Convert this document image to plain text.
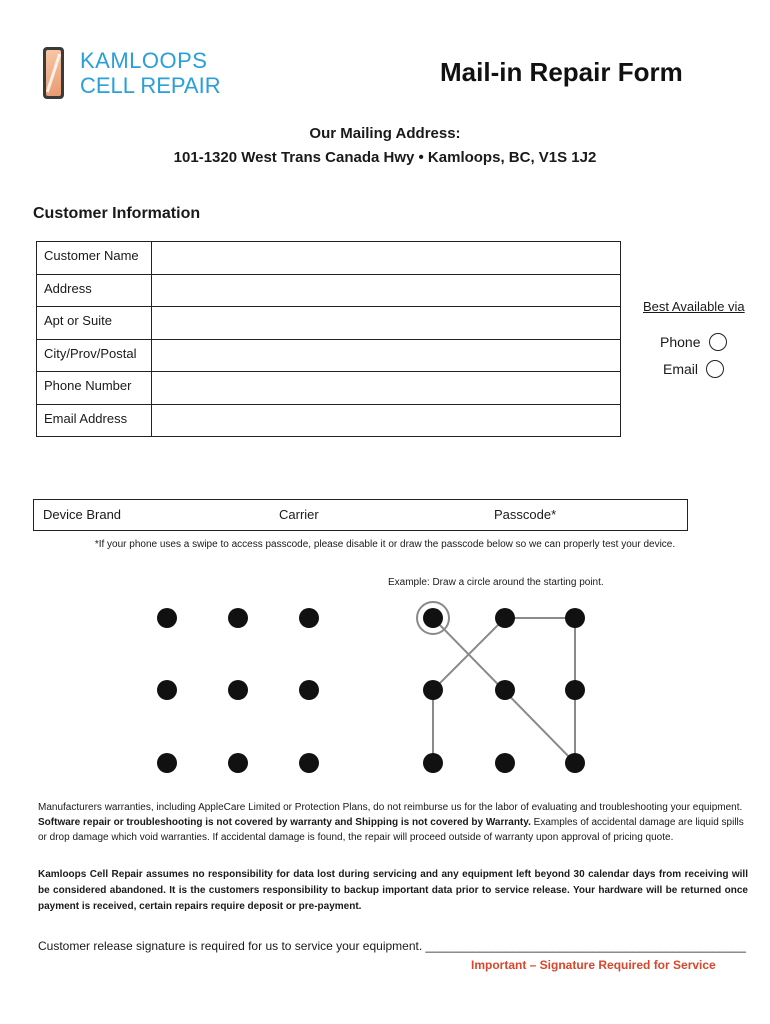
KAMLOOPS
CELL REPAIR	Mail-in Repair Form
Our Mailing Address:
101-1320 West Trans Canada Hwy • Kamloops, BC, V1S 1J2
Customer Information
Customer Name	
Address	
Apt or Suite	
City/Prov/Postal	
Phone Number	
Email Address	
Best Available via
Phone
Email
Device Brand	Carrier	Passcode*
*If your phone uses a swipe to access passcode, please disable it or draw the passcode below so we can properly test your device.
Example: Draw a circle around the starting point.
Manufacturers warranties, including AppleCare Limited or Protection Plans, do not reimburse us for the labor of evaluating and troubleshooting your equipment. Software repair or troubleshooting is not covered by warranty and Shipping is not covered by Warranty. Examples of accidental damage are liquid spills or drop damage which void warranties. If accidental damage is found, the repair will proceed outside of warranty upon approval of pricing quote.
Kamloops Cell Repair assumes no responsibility for data lost during servicing and any equipment left beyond 30 calendar days from receiving will be considered abandoned. It is the customers responsibility to backup important data prior to service release. Your hardware will be returned once payment is received, certain repairs require deposit or pre-payment.
Customer release signature is required for us to service your equipment. ________________________________________________
Important – Signature Required for Service
